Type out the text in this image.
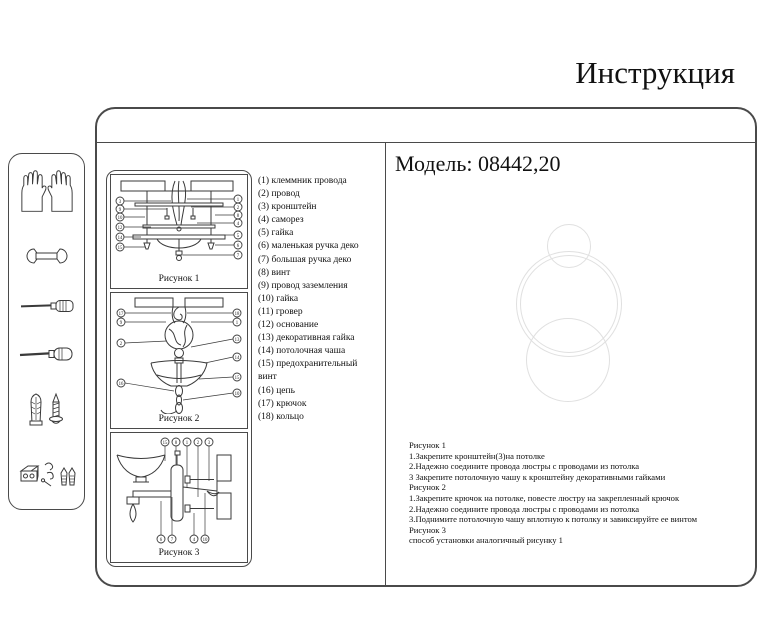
Инструкция
3
9
10
12
14
15
1
2
8
4
5
6
7
Рисунок 1
17
9
2
16
18
1
13
14
15
10
Рисунок 2
15 8 1 2 3
6 7	4 10
Рисунок 3
(1) клеммник провода
(2) провод
(3) кронштейн
(4) саморез
(5) гайка
(6) маленькая ручка деко
(7) большая ручка деко
(8) винт
(9) провод заземления
(10) гайка
(11) гровер
(12) основание
(13) декоративная гайка
(14) потолочная чаша
(15) предохранительный
винт
(16) цепь
(17) крючок
(18) кольцо
Модель: 08442,20
Рисунок 1
1.Закрепите кронштейн(3)на потолке
2.Надежно соедините провода люстры с проводами из потолка
3 Закрепите потолочную чашу к кронштейну декоративными гайками
Рисунок 2
1.Закрепите крючок на потолке, повесте люстру на закрепленный крючок
2.Надежно соедините провода люстры с проводами из потолка
3.Поднимите потолочную чашу вплотную к потолку и завиксируйте ее винтом
Рисунок 3
способ установки аналогичный рисунку 1
